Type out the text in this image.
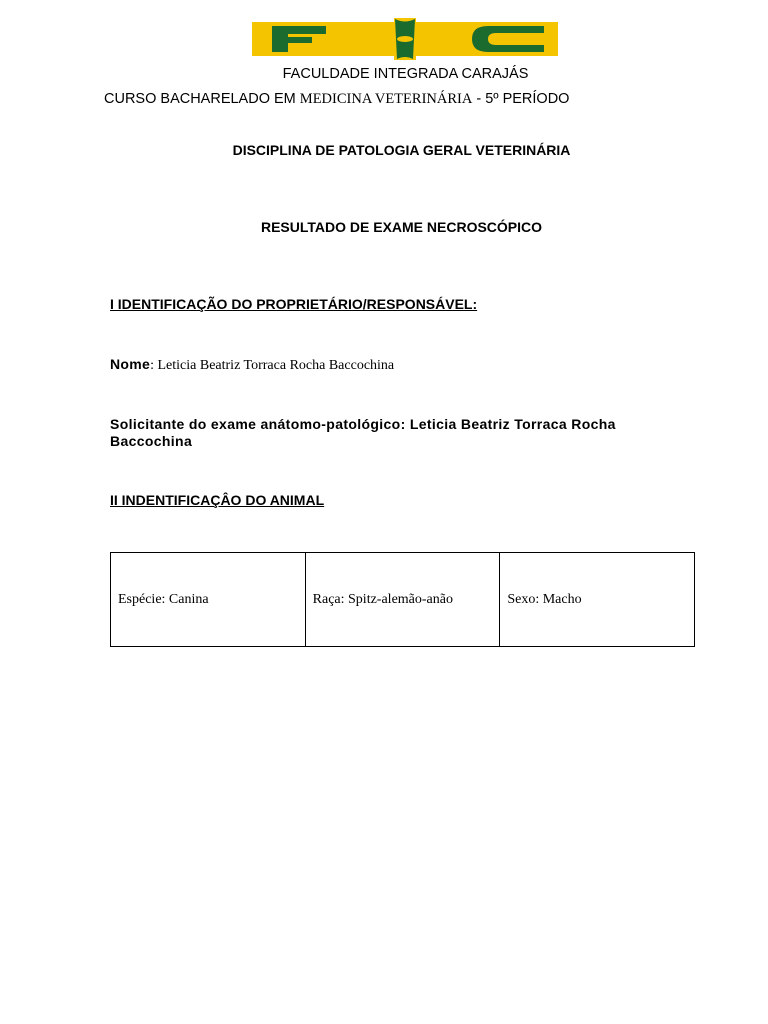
FACULDADE INTEGRADA CARAJÁS
CURSO BACHARELADO EM MEDICINA VETERINÁRIA - 5º PERÍODO
DISCIPLINA DE PATOLOGIA GERAL VETERINÁRIA
RESULTADO DE EXAME NECROSCÓPICO
I IDENTIFICAÇÃO DO PROPRIETÁRIO/RESPONSÁVEL:
Nome: Leticia Beatriz Torraca Rocha Baccochina
Solicitante do exame anátomo-patológico: Leticia Beatriz Torraca Rocha Baccochina
II INDENTIFICAÇÂO DO ANIMAL
Espécie: Canina	Raça: Spitz-alemão-anão	Sexo: Macho
